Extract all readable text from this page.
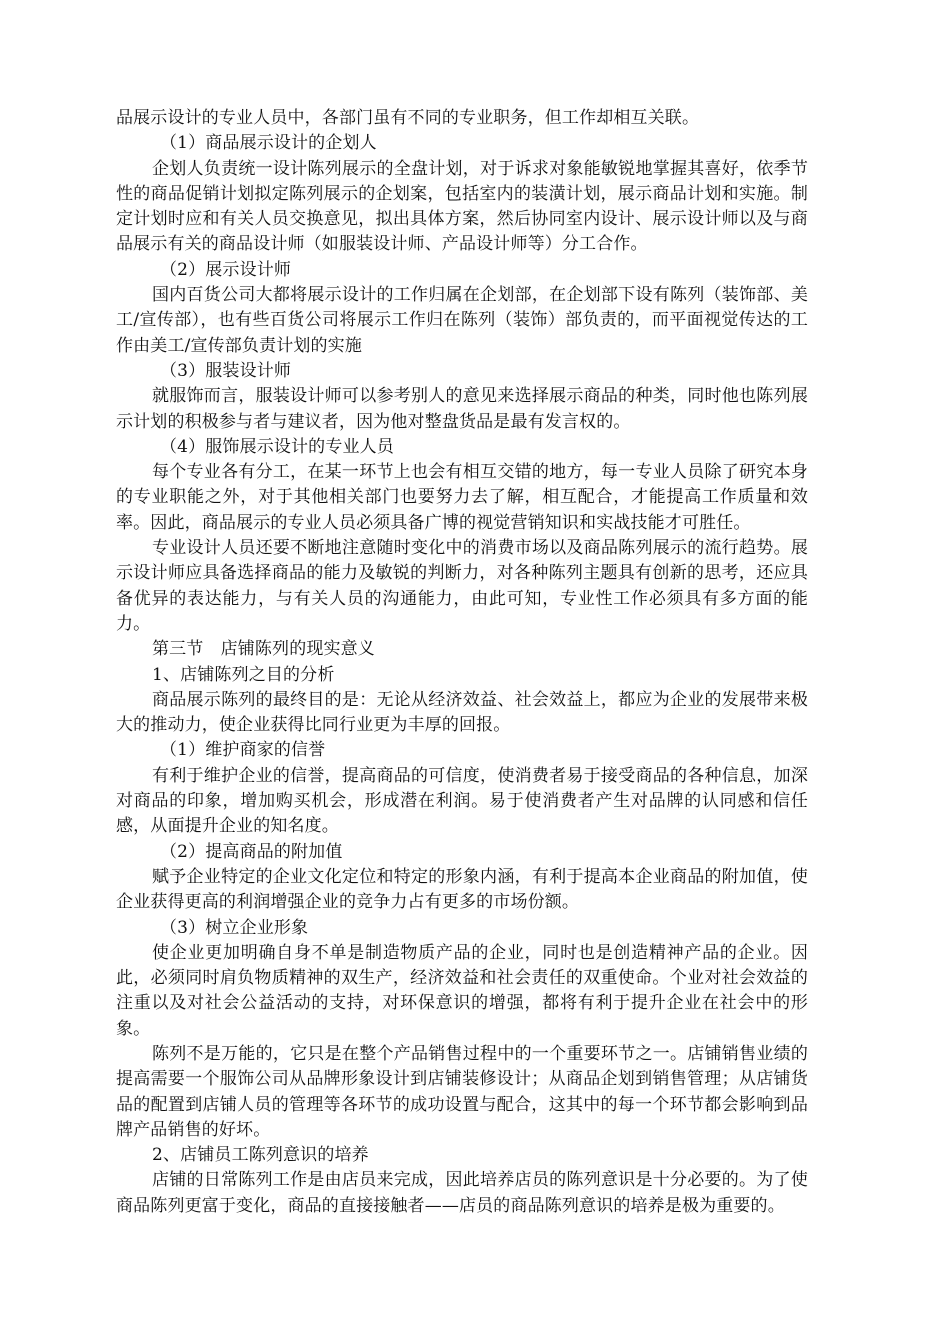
品展示设计的专业人员中，各部门虽有不同的专业职务，但工作却相互关联。

（1）商品展示设计的企划人

企划人负责统一设计陈列展示的全盘计划，对于诉求对象能敏锐地掌握其喜好，依季节性的商品促销计划拟定陈列展示的企划案，包括室内的装潢计划，展示商品计划和实施。制定计划时应和有关人员交换意见，拟出具体方案，然后协同室内设计、展示设计师以及与商品展示有关的商品设计师（如服装设计师、产品设计师等）分工合作。

（2）展示设计师

国内百货公司大都将展示设计的工作归属在企划部，在企划部下设有陈列（装饰部、美工/宣传部），也有些百货公司将展示工作归在陈列（装饰）部负责的，而平面视觉传达的工作由美工/宣传部负责计划的实施

（3）服装设计师

就服饰而言，服装设计师可以参考别人的意见来选择展示商品的种类，同时他也陈列展示计划的积极参与者与建议者，因为他对整盘货品是最有发言权的。

（4）服饰展示设计的专业人员

每个专业各有分工，在某一环节上也会有相互交错的地方，每一专业人员除了研究本身的专业职能之外，对于其他相关部门也要努力去了解，相互配合，才能提高工作质量和效率。因此，商品展示的专业人员必须具备广博的视觉营销知识和实战技能才可胜任。

专业设计人员还要不断地注意随时变化中的消费市场以及商品陈列展示的流行趋势。展示设计师应具备选择商品的能力及敏锐的判断力，对各种陈列主题具有创新的思考，还应具备优异的表达能力，与有关人员的沟通能力，由此可知，专业性工作必须具有多方面的能力。

第三节　店铺陈列的现实意义

1、店铺陈列之目的分析

商品展示陈列的最终目的是：无论从经济效益、社会效益上，都应为企业的发展带来极大的推动力，使企业获得比同行业更为丰厚的回报。

（1）维护商家的信誉

有利于维护企业的信誉，提高商品的可信度，使消费者易于接受商品的各种信息，加深对商品的印象，增加购买机会，形成潜在利润。易于使消费者产生对品牌的认同感和信任感，从面提升企业的知名度。

（2）提高商品的附加值

赋予企业特定的企业文化定位和特定的形象内涵，有利于提高本企业商品的附加值，使企业获得更高的利润增强企业的竞争力占有更多的市场份额。

（3）树立企业形象

使企业更加明确自身不单是制造物质产品的企业，同时也是创造精神产品的企业。因此，必须同时肩负物质精神的双生产，经济效益和社会责任的双重使命。个业对社会效益的注重以及对社会公益活动的支持，对环保意识的增强，都将有利于提升企业在社会中的形象。

陈列不是万能的，它只是在整个产品销售过程中的一个重要环节之一。店铺销售业绩的提高需要一个服饰公司从品牌形象设计到店铺装修设计；从商品企划到销售管理；从店铺货品的配置到店铺人员的管理等各环节的成功设置与配合，这其中的每一个环节都会影响到品牌产品销售的好坏。

2、店铺员工陈列意识的培养

店铺的日常陈列工作是由店员来完成，因此培养店员的陈列意识是十分必要的。为了使商品陈列更富于变化，商品的直接接触者——店员的商品陈列意识的培养是极为重要的。
